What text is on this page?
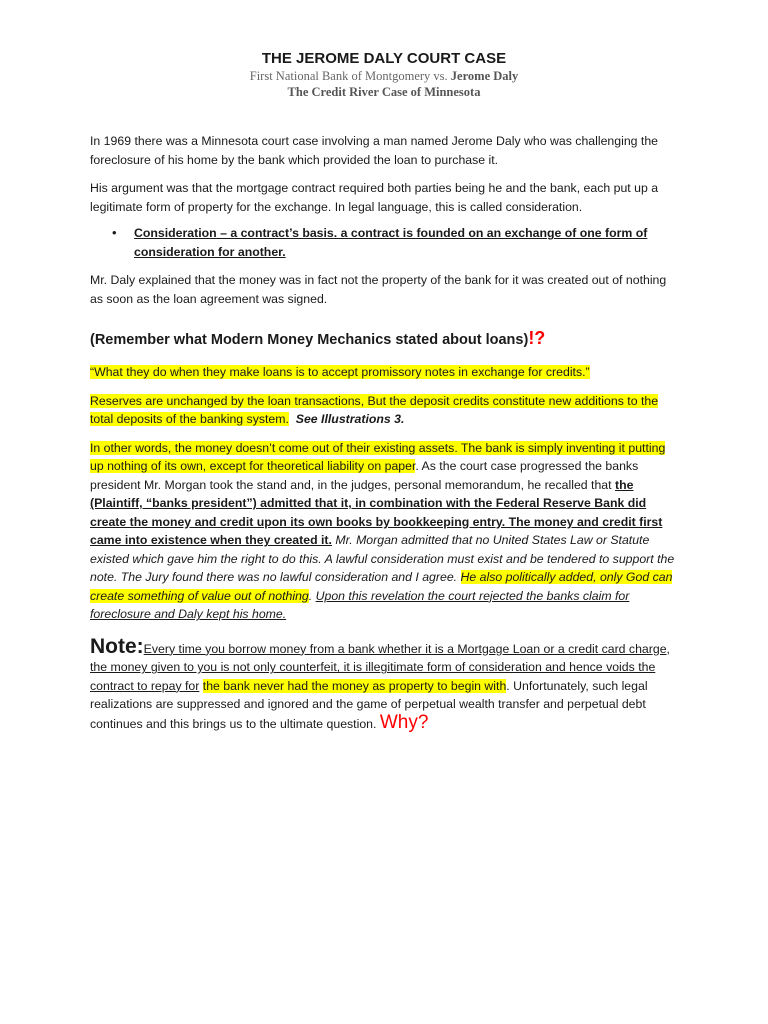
THE JEROME DALY COURT CASE

First National Bank of Montgomery vs. Jerome Daly
The Credit River Case of Minnesota

In 1969 there was a Minnesota court case involving a man named Jerome Daly who was challenging the foreclosure of his home by the bank which provided the loan to purchase it.

His argument was that the mortgage contract required both parties being he and the bank, each put up a legitimate form of property for the exchange. In legal language, this is called consideration.

• Consideration – a contract’s basis. a contract is founded on an exchange of one form of consideration for another.

Mr. Daly explained that the money was in fact not the property of the bank for it was created out of nothing as soon as the loan agreement was signed.

(Remember what Modern Money Mechanics stated about loans)!?

“What they do when they make loans is to accept promissory notes in exchange for credits.”

Reserves are unchanged by the loan transactions, But the deposit credits constitute new additions to the total deposits of the banking system. See Illustrations 3.

In other words, the money doesn’t come out of their existing assets. The bank is simply inventing it putting up nothing of its own, except for theoretical liability on paper. As the court case progressed the banks president Mr. Morgan took the stand and, in the judges, personal memorandum, he recalled that the (Plaintiff, “banks president”) admitted that it, in combination with the Federal Reserve Bank did create the money and credit upon its own books by bookkeeping entry. The money and credit first came into existence when they created it. Mr. Morgan admitted that no United States Law or Statute existed which gave him the right to do this. A lawful consideration must exist and be tendered to support the note. The Jury found there was no lawful consideration and I agree. He also politically added, only God can create something of value out of nothing. Upon this revelation the court rejected the banks claim for foreclosure and Daly kept his home.

Note:Every time you borrow money from a bank whether it is a Mortgage Loan or a credit card charge, the money given to you is not only counterfeit, it is illegitimate form of consideration and hence voids the contract to repay for the bank never had the money as property to begin with. Unfortunately, such legal realizations are suppressed and ignored and the game of perpetual wealth transfer and perpetual debt continues and this brings us to the ultimate question. Why?
